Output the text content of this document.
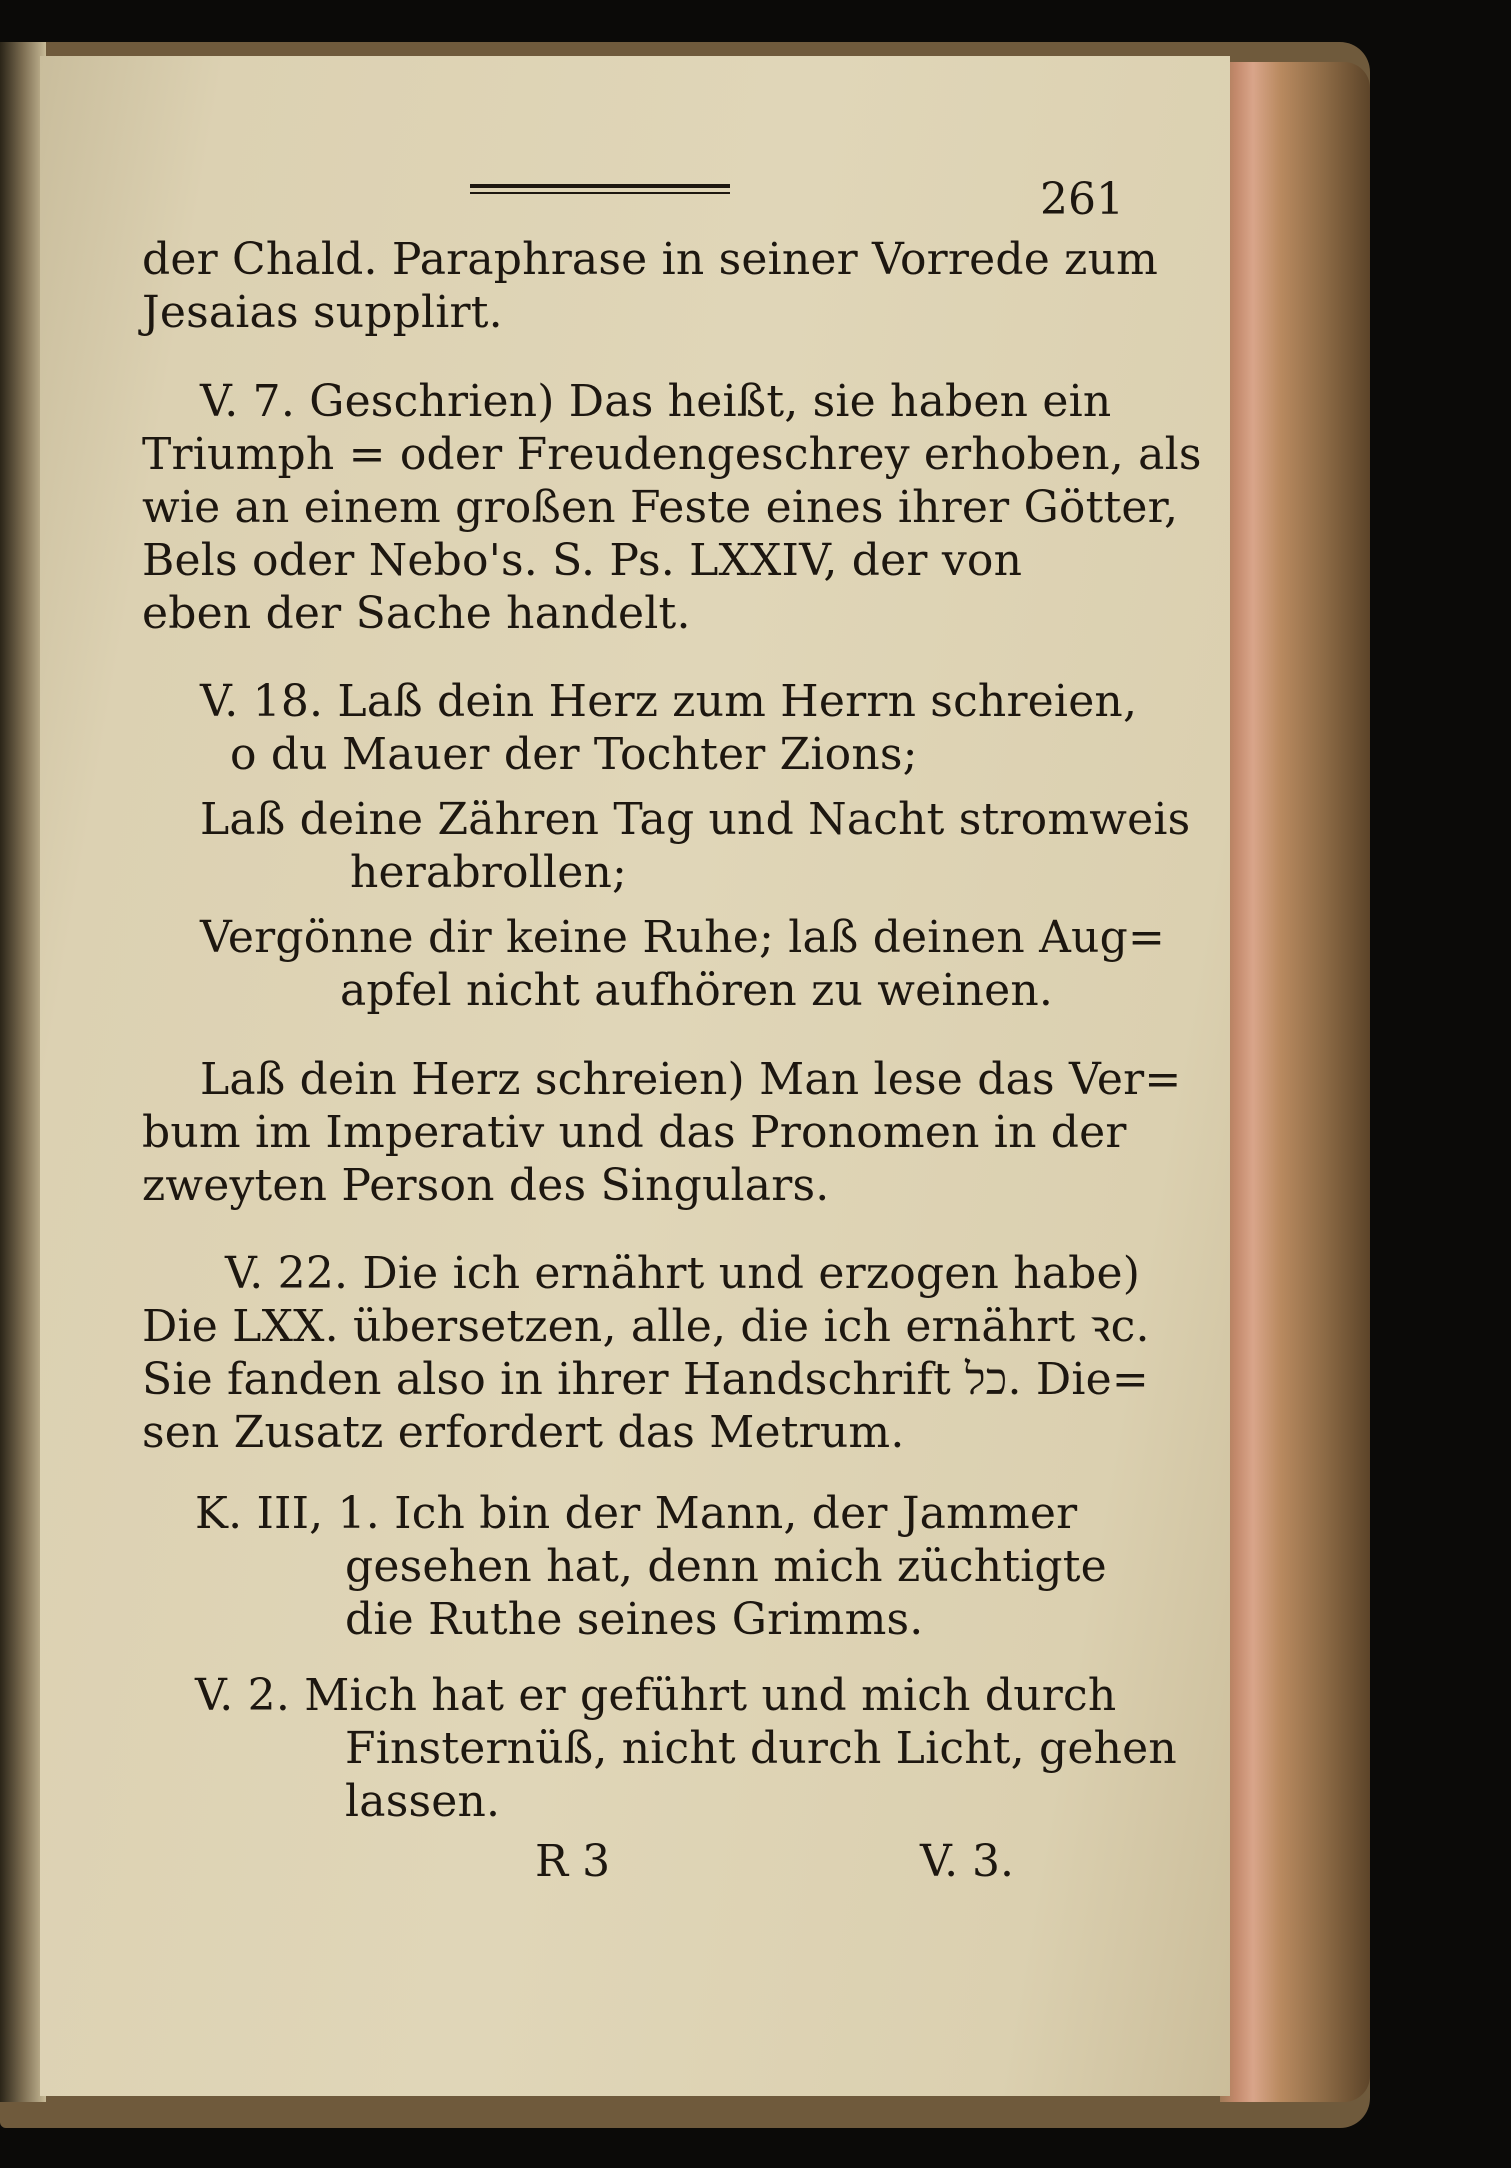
261
der Chald. Paraphrase in seiner Vorrede zum
Jesaias supplirt.
V. 7. Geschrien) Das heißt, sie haben ein
Triumph = oder Freudengeschrey erhoben, als
wie an einem großen Feste eines ihrer Götter,
Bels oder Nebo's. S. Ps. LXXIV, der von
eben der Sache handelt.
V. 18. Laß dein Herz zum Herrn schreien,
o du Mauer der Tochter Zions;
Laß deine Zähren Tag und Nacht stromweis
herabrollen;
Vergönne dir keine Ruhe; laß deinen Aug=
apfel nicht aufhören zu weinen.
Laß dein Herz schreien) Man lese das Ver=
bum im Imperativ und das Pronomen in der
zweyten Person des Singulars.
V. 22. Die ich ernährt und erzogen habe)
Die LXX. übersetzen, alle, die ich ernährt ꝛc.
Sie fanden also in ihrer Handschrift כל. Die=
sen Zusatz erfordert das Metrum.
K. III, 1. Ich bin der Mann, der Jammer
gesehen hat, denn mich züchtigte
die Ruthe seines Grimms.
V. 2. Mich hat er geführt und mich durch
Finsternüß, nicht durch Licht, gehen
lassen.
R 3	V. 3.
